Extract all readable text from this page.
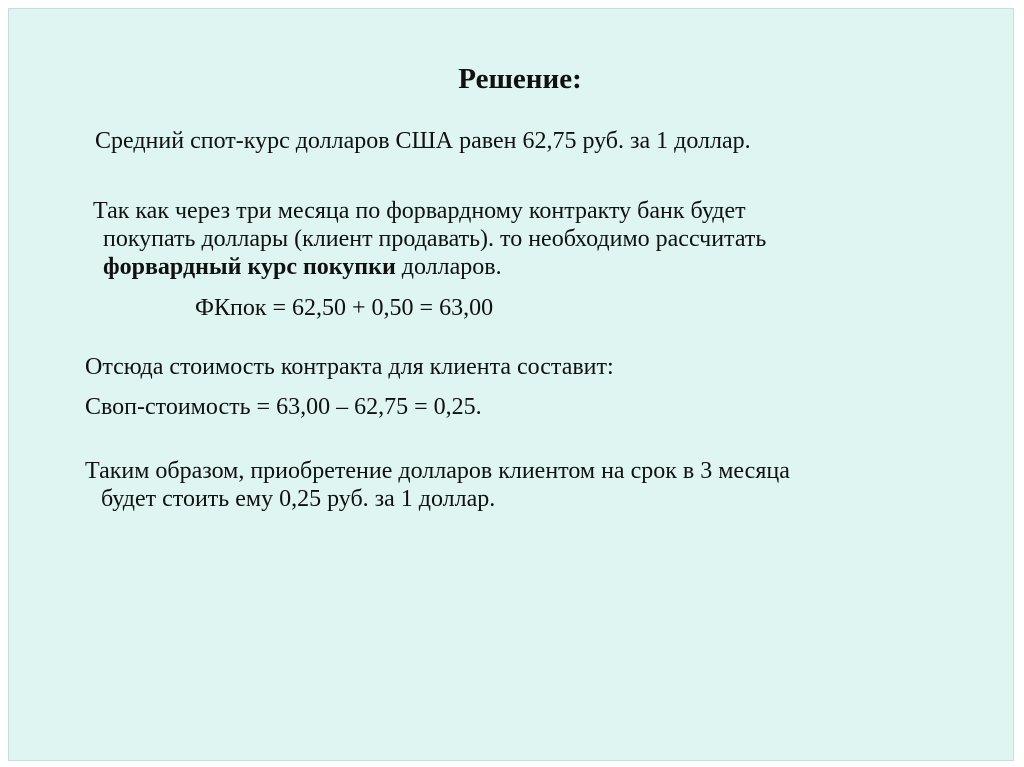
Решение:
Средний спот-курс долларов США равен 62,75 руб. за 1 доллар.
Так как через три месяца по форвардному контракту банк будет
покупать доллары (клиент продавать). то необходимо рассчитать
форвардный курс покупки долларов.
ФКпок = 62,50 + 0,50 = 63,00
Отсюда стоимость контракта для клиента составит:
Своп-стоимость = 63,00 – 62,75 = 0,25.
Таким образом, приобретение долларов клиентом на срок в 3 месяца
будет стоить ему 0,25 руб. за 1 доллар.
